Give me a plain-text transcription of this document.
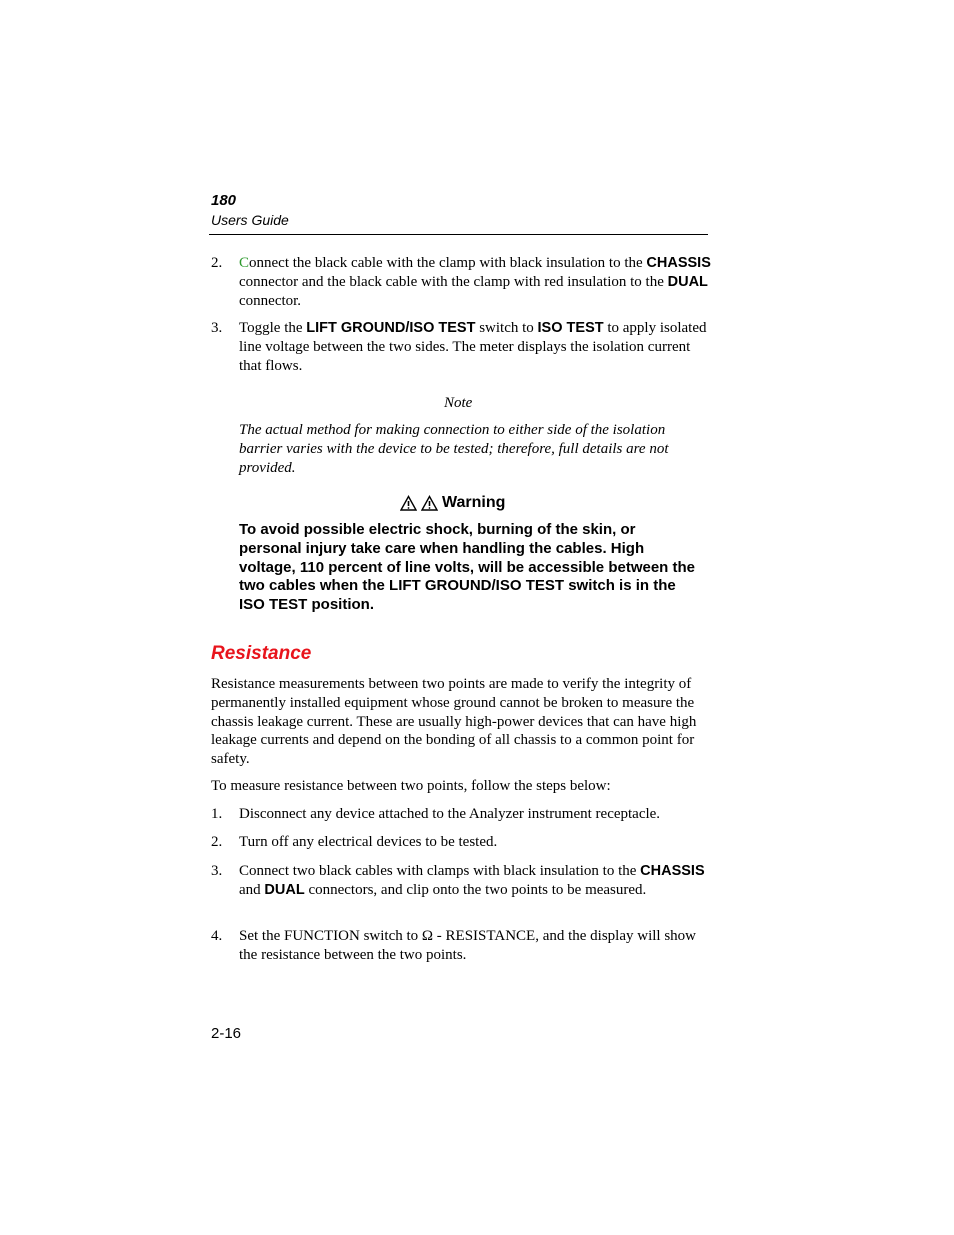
180
Users Guide
2. Connect the black cable with the clamp with black insulation to the CHASSIS connector and the black cable with the clamp with red insulation to the DUAL connector.
3. Toggle the LIFT GROUND/ISO TEST switch to ISO TEST to apply isolated line voltage between the two sides. The meter displays the isolation current that flows.
Note
The actual method for making connection to either side of the isolation barrier varies with the device to be tested; therefore, full details are not provided.
Warning
To avoid possible electric shock, burning of the skin, or personal injury take care when handling the cables. High voltage, 110 percent of line volts, will be accessible between the two cables when the LIFT GROUND/ISO TEST switch is in the ISO TEST position.
Resistance
Resistance measurements between two points are made to verify the integrity of permanently installed equipment whose ground cannot be broken to measure the chassis leakage current. These are usually high-power devices that can have high leakage currents and depend on the bonding of all chassis to a common point for safety.
To measure resistance between two points, follow the steps below:
1. Disconnect any device attached to the Analyzer instrument receptacle.
2. Turn off any electrical devices to be tested.
3. Connect two black cables with clamps with black insulation to the CHASSIS and DUAL connectors, and clip onto the two points to be measured.
4. Set the FUNCTION switch to Ω - RESISTANCE, and the display will show the resistance between the two points.
2-16
